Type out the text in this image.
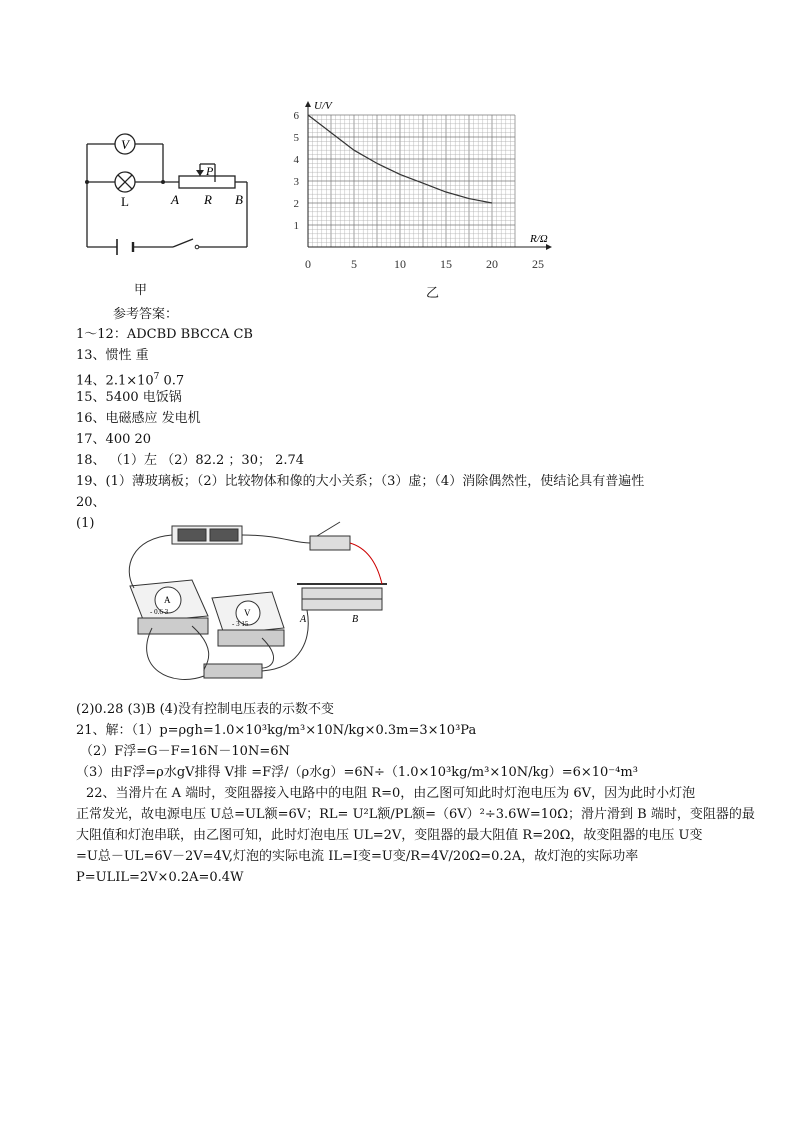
V
L	A R B
P
甲
0	5	10	15	20	25
1
2
3
4
5
6
U/V
R/Ω
乙
参考答案：
1～12：ADCBD BBCCA CB
13、惯性 重
14、$2.1\times 10^7$ 0.7
15、5400 电饭锅
16、电磁感应 发电机
17、400 20
18、 （1）左 （2）82.2 ；30； 2.74
19、(1）薄玻璃板；（2）比较物体和像的大小关系；（3）虚；（4）消除偶然性，使结论具有普遍性
20、
(1)
A
- 0.6 3	V
- 3 15	A	B
(2)0.28 (3)B (4)没有控制电压表的示数不变
21、解：（1）p=ρgh=1.0×10³kg/m³×10N/kg×0.3m=3×10³Pa
（2）F浮=G－F=16N－10N=6N
（3）由F浮=ρ水gV排得 V排 =F浮/（ρ水g）=6N÷（1.0×10³kg/m³×10N/kg）=6×10⁻⁴m³
22、当滑片在 A 端时，变阻器接入电路中的电阻 R=0，由乙图可知此时灯泡电压为 6V，因为此时小灯泡
正常发光，故电源电压 U总=UL额=6V；RL= U²L额/PL额=（6V）²÷3.6W=10Ω；滑片滑到 B 端时，变阻器的最
大阻值和灯泡串联，由乙图可知，此时灯泡电压 UL=2V，变阻器的最大阻值 R=20Ω，故变阻器的电压 U变
=U总－UL=6V－2V=4V,灯泡的实际电流 IL=I变=U变/R=4V/20Ω=0.2A，故灯泡的实际功率
P=ULIL=2V×0.2A=0.4W
